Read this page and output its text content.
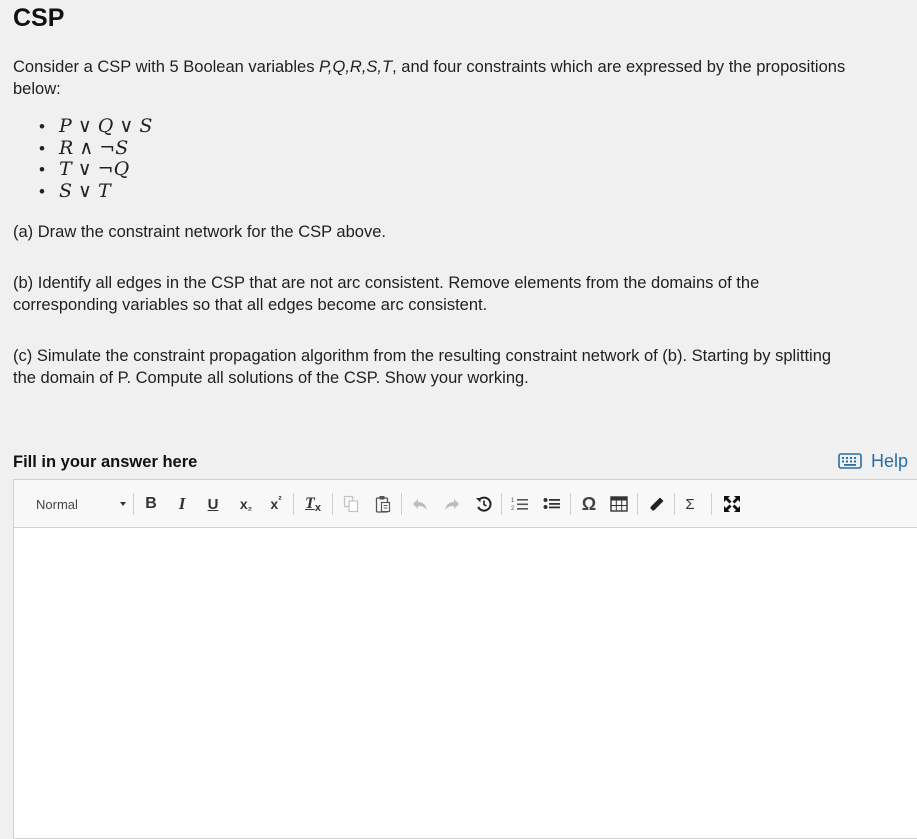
CSP
Consider a CSP with 5 Boolean variables P,Q,R,S,T, and four constraints which are expressed by the propositions
below:
• P ∨ Q ∨ S
• R ∧ ¬S
• T ∨ ¬Q
• S ∨ T
(a) Draw the constraint network for the CSP above.
(b) Identify all edges in the CSP that are not arc consistent. Remove elements from the domains of the
corresponding variables so that all edges become arc consistent.
(c) Simulate the constraint propagation algorithm from the resulting constraint network of (b). Starting by splitting
the domain of P. Compute all solutions of the CSP. Show your working.
Fill in your answer here	Help
Normal	B I U x ₂ x ² T x
1
2	Ω	Σ
